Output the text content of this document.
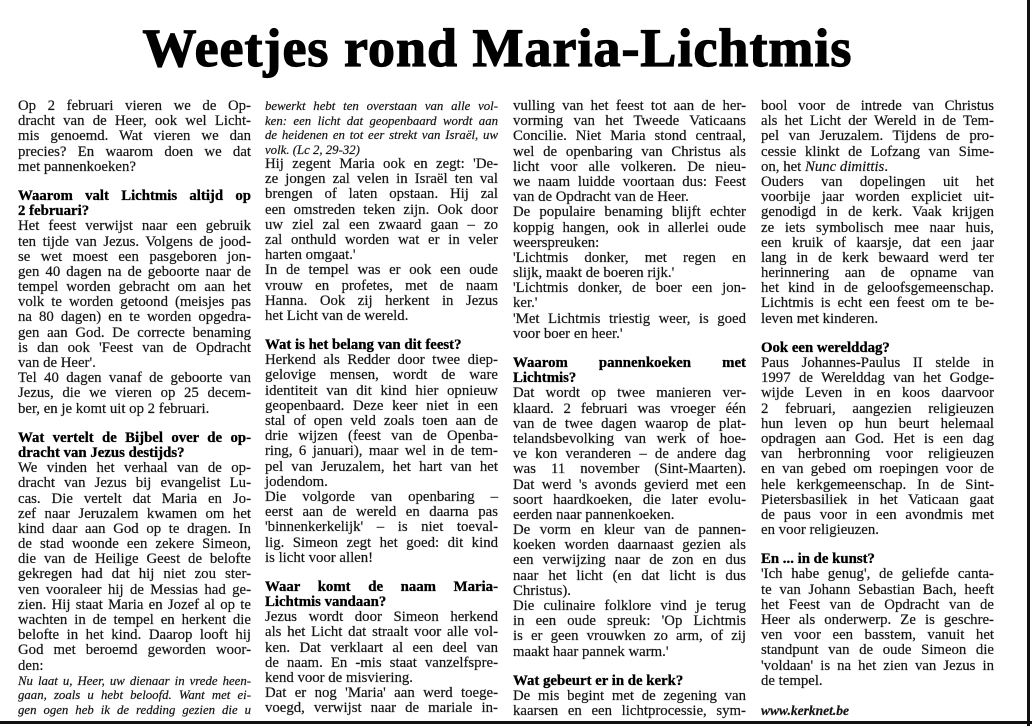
Weetjes rond Maria-Lichtmis
Op 2 februari vieren we de Op-
dracht van de Heer, ook wel Licht-
mis genoemd. Wat vieren we dan
precies? En waarom doen we dat
met pannenkoeken?
Waarom valt Lichtmis altijd op
2 februari?
Het feest verwijst naar een gebruik
ten tijde van Jezus. Volgens de jood-
se wet moest een pasgeboren jon-
gen 40 dagen na de geboorte naar de
tempel worden gebracht om aan het
volk te worden getoond (meisjes pas
na 80 dagen) en te worden opgedra-
gen aan God. De correcte benaming
is dan ook 'Feest van de Opdracht
van de Heer'.
Tel 40 dagen vanaf de geboorte van
Jezus, die we vieren op 25 decem-
ber, en je komt uit op 2 februari.
Wat vertelt de Bijbel over de op-
dracht van Jezus destijds?
We vinden het verhaal van de op-
dracht van Jezus bij evangelist Lu-
cas. Die vertelt dat Maria en Jo-
zef naar Jeruzalem kwamen om het
kind daar aan God op te dragen. In
de stad woonde een zekere Simeon,
die van de Heilige Geest de belofte
gekregen had dat hij niet zou ster-
ven vooraleer hij de Messias had ge-
zien. Hij staat Maria en Jozef al op te
wachten in de tempel en herkent die
belofte in het kind. Daarop looft hij
God met beroemd geworden woor-
den:
Nu laat u, Heer, uw dienaar in vrede heen-
gaan, zoals u hebt beloofd. Want met ei-
gen ogen heb ik de redding gezien die u
bewerkt hebt ten overstaan van alle vol-
ken: een licht dat geopenbaard wordt aan
de heidenen en tot eer strekt van Israël, uw
volk. (Lc 2, 29-32)
Hij zegent Maria ook en zegt: 'De-
ze jongen zal velen in Israël ten val
brengen of laten opstaan. Hij zal
een omstreden teken zijn. Ook door
uw ziel zal een zwaard gaan – zo
zal onthuld worden wat er in veler
harten omgaat.'
In de tempel was er ook een oude
vrouw en profetes, met de naam
Hanna. Ook zij herkent in Jezus
het Licht van de wereld.
Wat is het belang van dit feest?
Herkend als Redder door twee diep-
gelovige mensen, wordt de ware
identiteit van dit kind hier opnieuw
geopenbaard. Deze keer niet in een
stal of open veld zoals toen aan de
drie wijzen (feest van de Openba-
ring, 6 januari), maar wel in de tem-
pel van Jeruzalem, het hart van het
jodendom.
Die volgorde van openbaring –
eerst aan de wereld en daarna pas
'binnenkerkelijk' – is niet toeval-
lig. Simeon zegt het goed: dit kind
is licht voor allen!
Waar komt de naam Maria-
Lichtmis vandaan?
Jezus wordt door Simeon herkend
als het Licht dat straalt voor alle vol-
ken. Dat verklaart al een deel van
de naam. En -mis staat vanzelfspre-
kend voor de misviering.
Dat er nog 'Maria' aan werd toege-
voegd, verwijst naar de mariale in-
vulling van het feest tot aan de her-
vorming van het Tweede Vaticaans
Concilie. Niet Maria stond centraal,
wel de openbaring van Christus als
licht voor alle volkeren. De nieu-
we naam luidde voortaan dus: Feest
van de Opdracht van de Heer.
De populaire benaming blijft echter
koppig hangen, ook in allerlei oude
weerspreuken:
'Lichtmis donker, met regen en
slijk, maakt de boeren rijk.'
'Lichtmis donker, de boer een jon-
ker.'
'Met Lichtmis triestig weer, is goed
voor boer en heer.'
Waarom pannenkoeken met
Lichtmis?
Dat wordt op twee manieren ver-
klaard. 2 februari was vroeger één
van de twee dagen waarop de plat-
telandsbevolking van werk of hoe-
ve kon veranderen – de andere dag
was 11 november (Sint-Maarten).
Dat werd 's avonds gevierd met een
soort haardkoeken, die later evolu-
eerden naar pannenkoeken.
De vorm en kleur van de pannen-
koeken worden daarnaast gezien als
een verwijzing naar de zon en dus
naar het licht (en dat licht is dus
Christus).
Die culinaire folklore vind je terug
in een oude spreuk: 'Op Lichtmis
is er geen vrouwken zo arm, of zij
maakt haar pannek warm.'
Wat gebeurt er in de kerk?
De mis begint met de zegening van
kaarsen en een lichtprocessie, sym-
bool voor de intrede van Christus
als het Licht der Wereld in de Tem-
pel van Jeruzalem. Tijdens de pro-
cessie klinkt de Lofzang van Sime-
on, het Nunc dimittis.
Ouders van dopelingen uit het
voorbije jaar worden expliciet uit-
genodigd in de kerk. Vaak krijgen
ze iets symbolisch mee naar huis,
een kruik of kaarsje, dat een jaar
lang in de kerk bewaard werd ter
herinnering aan de opname van
het kind in de geloofsgemeenschap.
Lichtmis is echt een feest om te be-
leven met kinderen.
Ook een werelddag?
Paus Johannes-Paulus II stelde in
1997 de Werelddag van het Godge-
wijde Leven in en koos daarvoor
2 februari, aangezien religieuzen
hun leven op hun beurt helemaal
opdragen aan God. Het is een dag
van herbronning voor religieuzen
en van gebed om roepingen voor de
hele kerkgemeenschap. In de Sint-
Pietersbasiliek in het Vaticaan gaat
de paus voor in een avondmis met
en voor religieuzen.
En ... in de kunst?
'Ich habe genug', de geliefde canta-
te van Johann Sebastian Bach, heeft
het Feest van de Opdracht van de
Heer als onderwerp. Ze is geschre-
ven voor een basstem, vanuit het
standpunt van de oude Simeon die
'voldaan' is na het zien van Jezus in
de tempel.
www.kerknet.be
